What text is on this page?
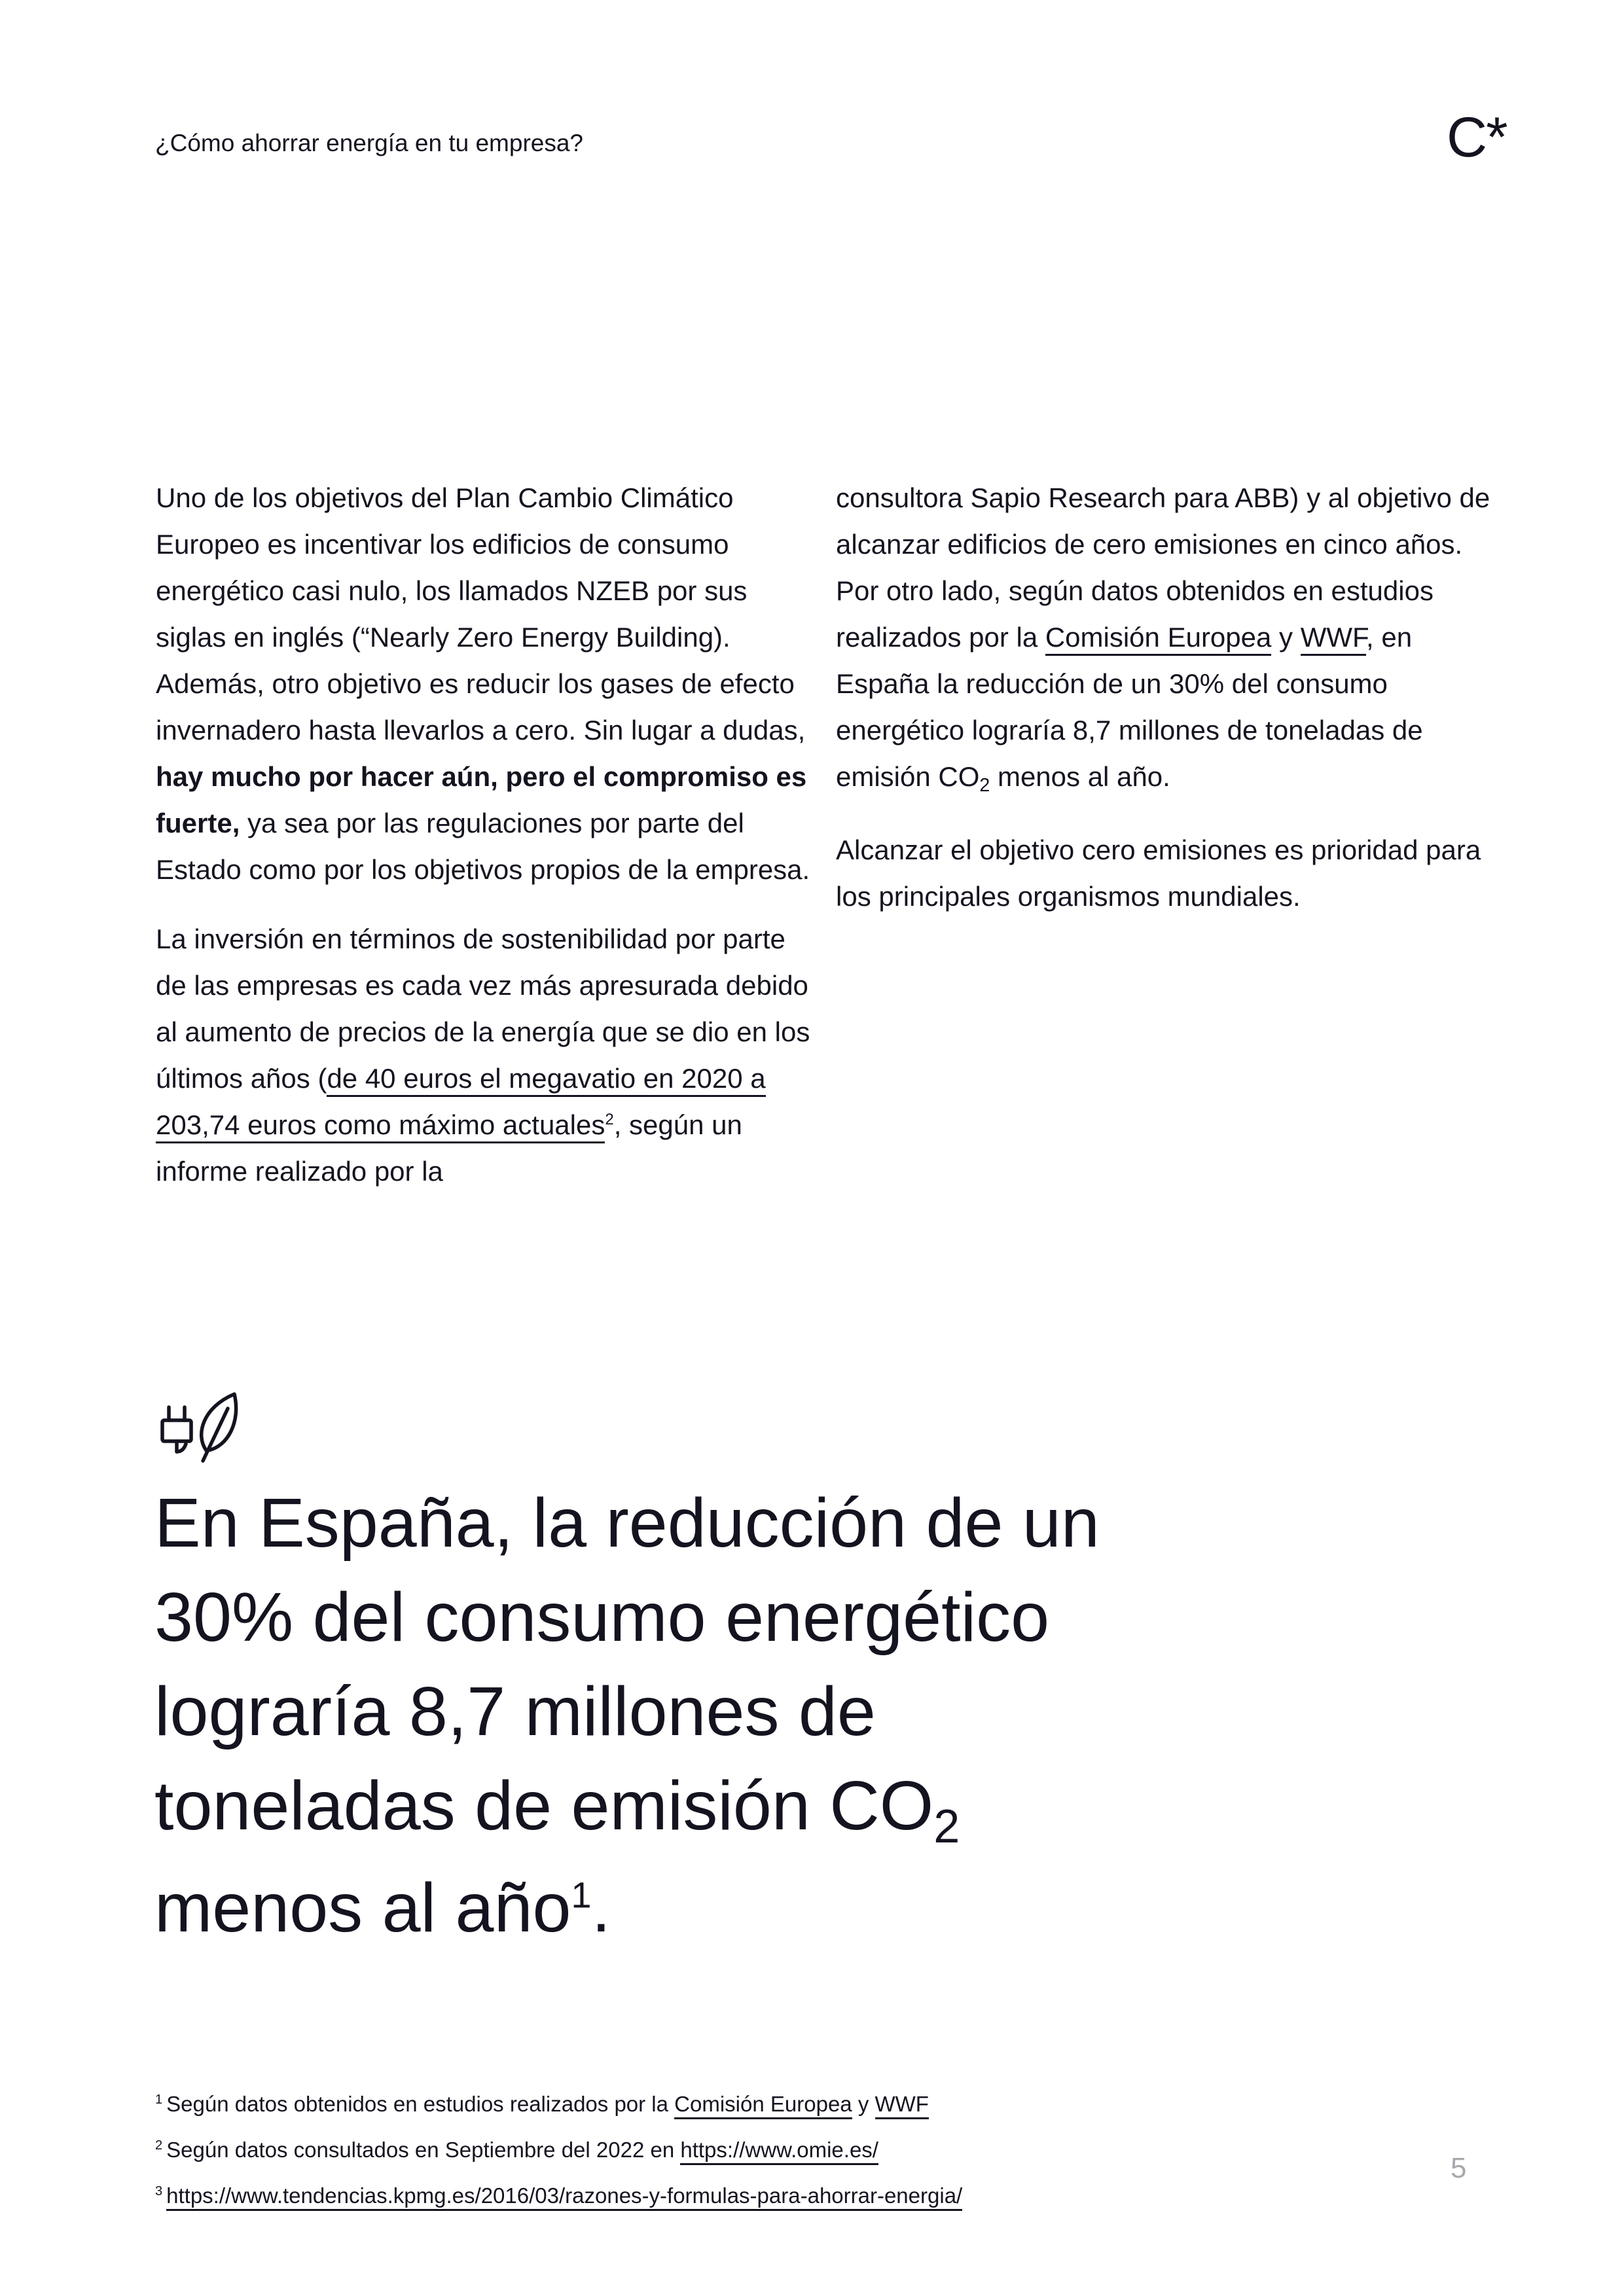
¿Cómo ahorrar energía en tu empresa?	C*

Uno de los objetivos del Plan Cambio Climático Europeo es incentivar los edificios de consumo energético casi nulo, los llamados NZEB por sus siglas en inglés (“Nearly Zero Energy Building). Además, otro objetivo es reducir los gases de efecto invernadero hasta llevarlos a cero. Sin lugar a dudas, hay mucho por hacer aún, pero el compromiso es fuerte, ya sea por las regulaciones por parte del Estado como por los objetivos propios de la empresa.

La inversión en términos de sostenibilidad por parte de las empresas es cada vez más apresurada debido al aumento de precios de la energía que se dio en los últimos años (de 40 euros el megavatio en 2020 a 203,74 euros como máximo actuales$^2$, según un informe realizado por la

consultora Sapio Research para ABB) y al objetivo de alcanzar edificios de cero emisiones en cinco años. Por otro lado, según datos obtenidos en estudios realizados por la Comisión Europea y WWF, en España la reducción de un 30% del consumo energético lograría 8,7 millones de toneladas de emisión CO2 menos al año.

Alcanzar el objetivo cero emisiones es prioridad para los principales organismos mundiales.

En España, la reducción de un 30% del consumo energético lograría 8,7 millones de toneladas de emisión CO2 menos al año$^1$.
$^1$ Según datos obtenidos en estudios realizados por la Comisión Europea y WWF
$^2$ Según datos consultados en Septiembre del 2022 en https://www.omie.es/
$^3$ https://www.tendencias.kpmg.es/2016/03/razones-y-formulas-para-ahorrar-energia/
5
